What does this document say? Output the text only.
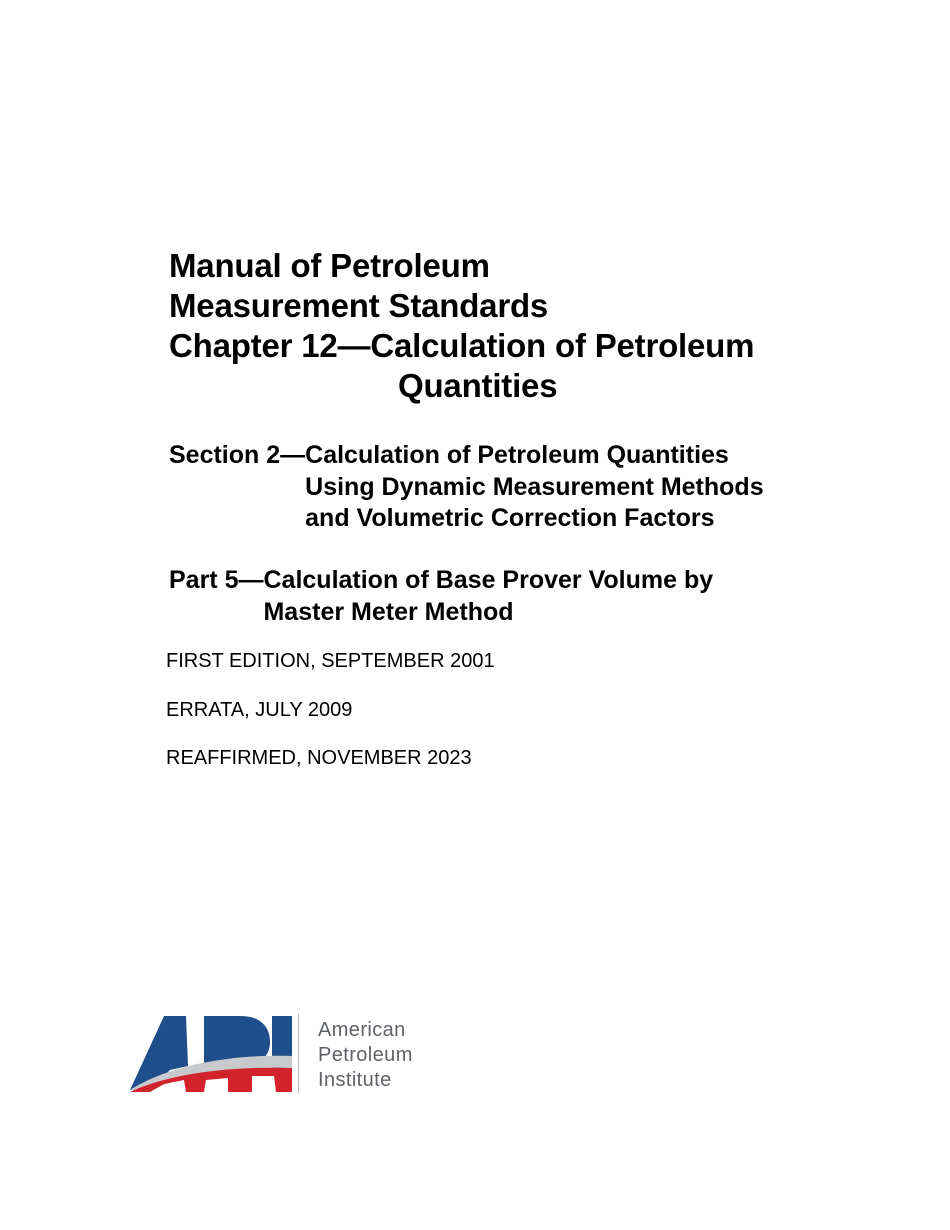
Manual of Petroleum
Measurement Standards
Chapter 12—Calculation of Petroleum
Quantities
Section 2— Calculation of Petroleum Quantities
Using Dynamic Measurement Methods
and Volumetric Correction Factors
Part 5— Calculation of Base Prover Volume by
Master Meter Method
FIRST EDITION, SEPTEMBER 2001
ERRATA, JULY 2009
REAFFIRMED, NOVEMBER 2023
American
Petroleum
Institute
